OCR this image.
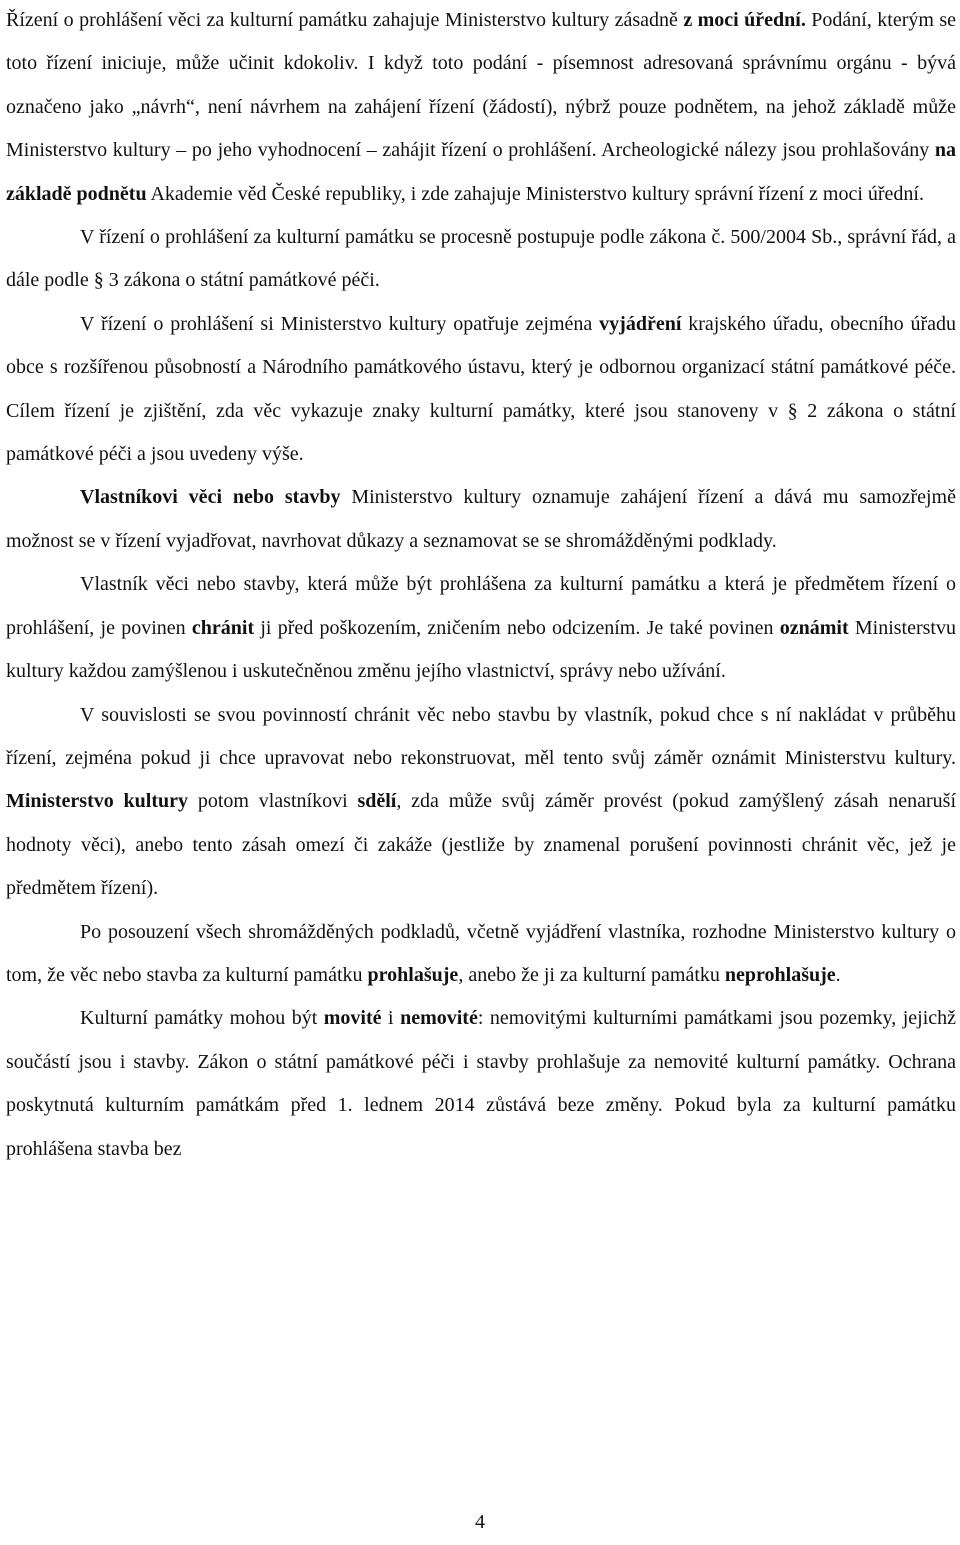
Řízení o prohlášení věci za kulturní památku zahajuje Ministerstvo kultury zásadně z moci úřední. Podání, kterým se toto řízení iniciuje, může učinit kdokoliv. I když toto podání - písemnost adresovaná správnímu orgánu - bývá označeno jako „návrh“, není návrhem na zahájení řízení (žádostí), nýbrž pouze podnětem, na jehož základě může Ministerstvo kultury – po jeho vyhodnocení – zahájit řízení o prohlášení. Archeologické nálezy jsou prohlašovány na základě podnětu Akademie věd České republiky, i zde zahajuje Ministerstvo kultury správní řízení z moci úřední.

V řízení o prohlášení za kulturní památku se procesně postupuje podle zákona č. 500/2004 Sb., správní řád, a dále podle § 3 zákona o státní památkové péči.

V řízení o prohlášení si Ministerstvo kultury opatřuje zejména vyjádření krajského úřadu, obecního úřadu obce s rozšířenou působností a Národního památkového ústavu, který je odbornou organizací státní památkové péče. Cílem řízení je zjištění, zda věc vykazuje znaky kulturní památky, které jsou stanoveny v § 2 zákona o státní památkové péči a jsou uvedeny výše.

Vlastníkovi věci nebo stavby Ministerstvo kultury oznamuje zahájení řízení a dává mu samozřejmě možnost se v řízení vyjadřovat, navrhovat důkazy a seznamovat se se shromážděnými podklady.

Vlastník věci nebo stavby, která může být prohlášena za kulturní památku a která je předmětem řízení o prohlášení, je povinen chránit ji před poškozením, zničením nebo odcizením. Je také povinen oznámit Ministerstvu kultury každou zamýšlenou i uskutečněnou změnu jejího vlastnictví, správy nebo užívání.

V souvislosti se svou povinností chránit věc nebo stavbu by vlastník, pokud chce s ní nakládat v průběhu řízení, zejména pokud ji chce upravovat nebo rekonstruovat, měl tento svůj záměr oznámit Ministerstvu kultury. Ministerstvo kultury potom vlastníkovi sdělí, zda může svůj záměr provést (pokud zamýšlený zásah nenaruší hodnoty věci), anebo tento zásah omezí či zakáže (jestliže by znamenal porušení povinnosti chránit věc, jež je předmětem řízení).

Po posouzení všech shromážděných podkladů, včetně vyjádření vlastníka, rozhodne Ministerstvo kultury o tom, že věc nebo stavba za kulturní památku prohlašuje, anebo že ji za kulturní památku neprohlašuje.

Kulturní památky mohou být movité i nemovité: nemovitými kulturními památkami jsou pozemky, jejichž součástí jsou i stavby. Zákon o státní památkové péči i stavby prohlašuje za nemovité kulturní památky. Ochrana poskytnutá kulturním památkám před 1. lednem 2014 zůstává beze změny. Pokud byla za kulturní památku prohlášena stavba bez

4
